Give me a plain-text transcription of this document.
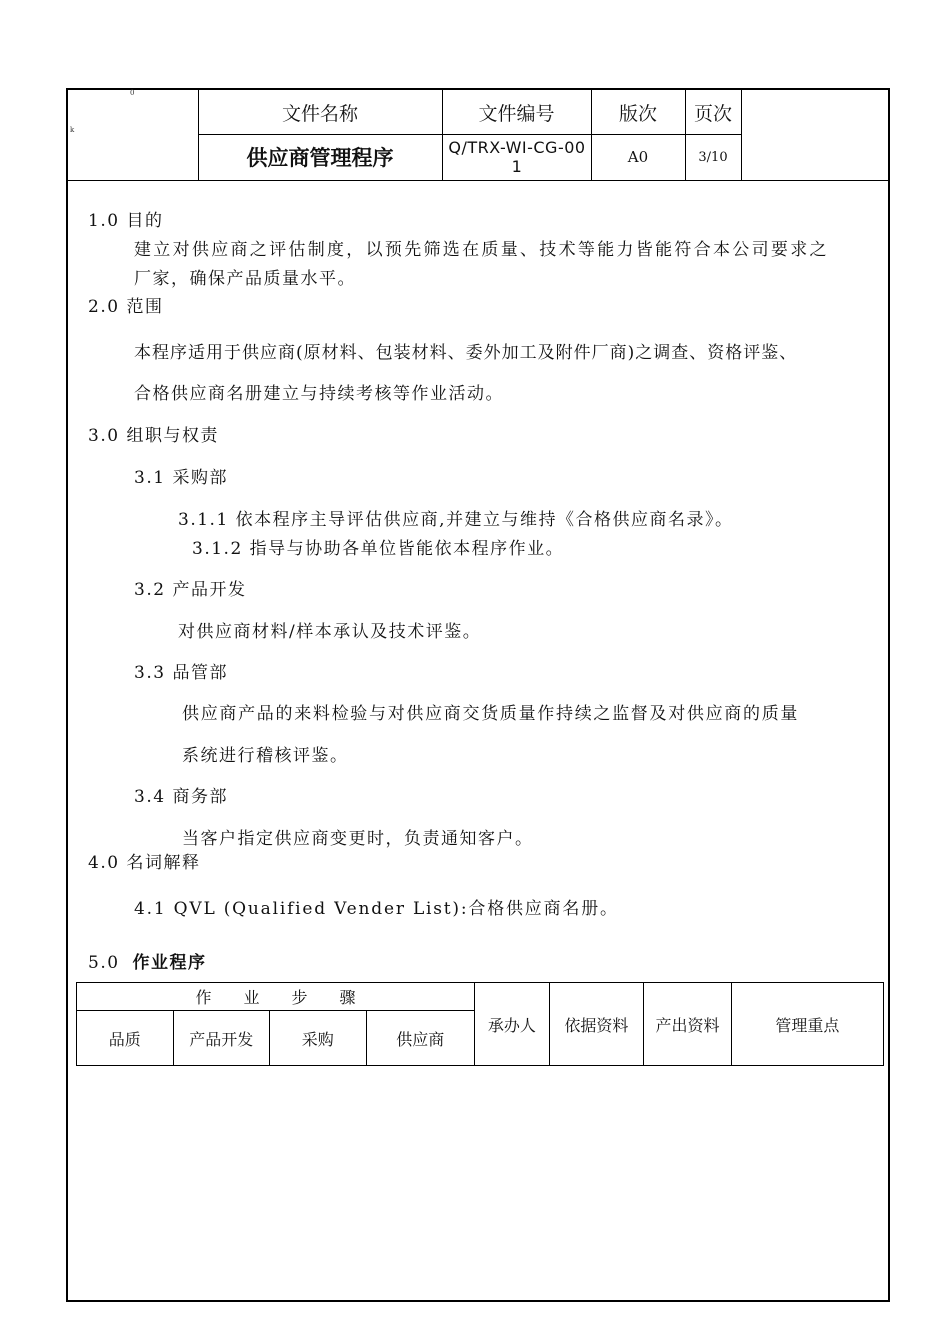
0
k
文件名称	文件编号	版次	页次
供应商管理程序	Q/TRX-WI-CG-001	A0	3/10
1.0 目的
建立对供应商之评估制度，以预先筛选在质量、技术等能力皆能符合本公司要求之
厂家，确保产品质量水平。
2.0 范围
本程序适用于供应商(原材料、包装材料、委外加工及附件厂商)之调查、资格评鉴、
合格供应商名册建立与持续考核等作业活动。
3.0 组职与权责
3.1 采购部
3.1.1 依本程序主导评估供应商,并建立与维持《合格供应商名录》。
3.1.2 指导与协助各单位皆能依本程序作业。
3.2 产品开发
对供应商材料/样本承认及技术评鉴。
3.3 品管部
供应商产品的来料检验与对供应商交货质量作持续之监督及对供应商的质量
系统进行稽核评鉴。
3.4 商务部
当客户指定供应商变更时，负责通知客户。
4.0 名词解释
4.1 QVL (Qualified Vender List):合格供应商名册。
5.0 作业程序
作　　业　　步　　骤				承办人	依据资料	产出资料	管理重点
品质	产品开发	采购	供应商				
